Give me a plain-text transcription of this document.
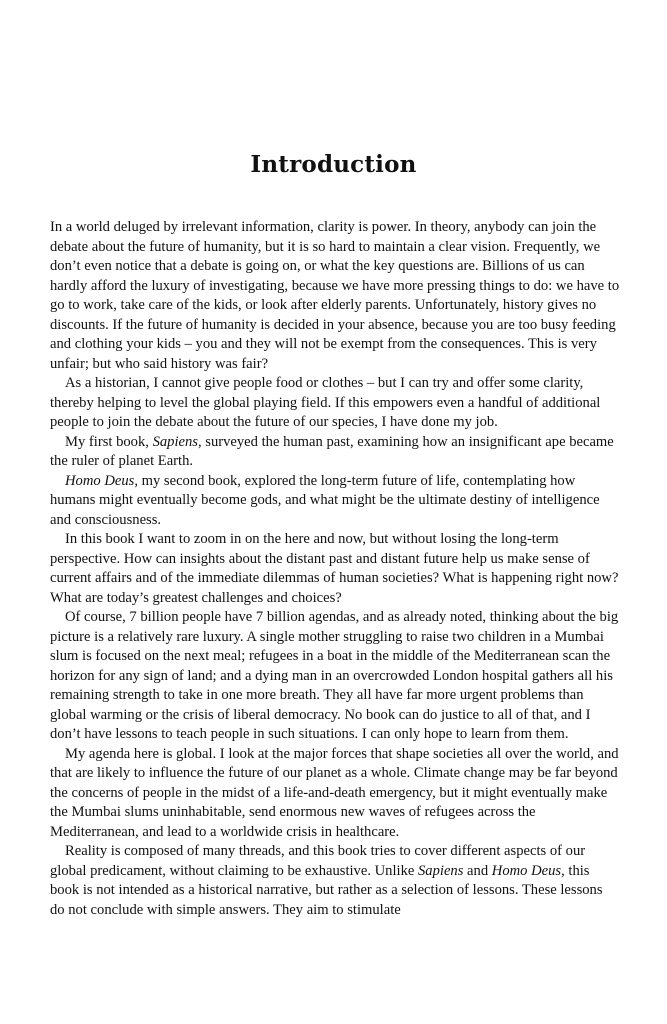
Introduction

In a world deluged by irrelevant information, clarity is power. In theory, anybody can join the debate about the future of humanity, but it is so hard to maintain a clear vision. Frequently, we don’t even notice that a debate is going on, or what the key questions are. Billions of us can hardly afford the luxury of investigating, because we have more pressing things to do: we have to go to work, take care of the kids, or look after elderly parents. Unfortunately, history gives no discounts. If the future of humanity is decided in your absence, because you are too busy feeding and clothing your kids – you and they will not be exempt from the consequences. This is very unfair; but who said history was fair?

As a historian, I cannot give people food or clothes – but I can try and offer some clarity, thereby helping to level the global playing field. If this empowers even a handful of additional people to join the debate about the future of our species, I have done my job.

My first book, Sapiens, surveyed the human past, examining how an insignificant ape became the ruler of planet Earth.

Homo Deus, my second book, explored the long-term future of life, contemplating how humans might eventually become gods, and what might be the ultimate destiny of intelligence and consciousness.

In this book I want to zoom in on the here and now, but without losing the long-term perspective. How can insights about the distant past and distant future help us make sense of current affairs and of the immediate dilemmas of human societies? What is happening right now? What are today’s greatest challenges and choices?

Of course, 7 billion people have 7 billion agendas, and as already noted, thinking about the big picture is a relatively rare luxury. A single mother struggling to raise two children in a Mumbai slum is focused on the next meal; refugees in a boat in the middle of the Mediterranean scan the horizon for any sign of land; and a dying man in an overcrowded London hospital gathers all his remaining strength to take in one more breath. They all have far more urgent problems than global warming or the crisis of liberal democracy. No book can do justice to all of that, and I don’t have lessons to teach people in such situations. I can only hope to learn from them.

My agenda here is global. I look at the major forces that shape societies all over the world, and that are likely to influence the future of our planet as a whole. Climate change may be far beyond the concerns of people in the midst of a life-and-death emergency, but it might eventually make the Mumbai slums uninhabitable, send enormous new waves of refugees across the Mediterranean, and lead to a worldwide crisis in healthcare.

Reality is composed of many threads, and this book tries to cover different aspects of our global predicament, without claiming to be exhaustive. Unlike Sapiens and Homo Deus, this book is not intended as a historical narrative, but rather as a selection of lessons. These lessons do not conclude with simple answers. They aim to stimulate
